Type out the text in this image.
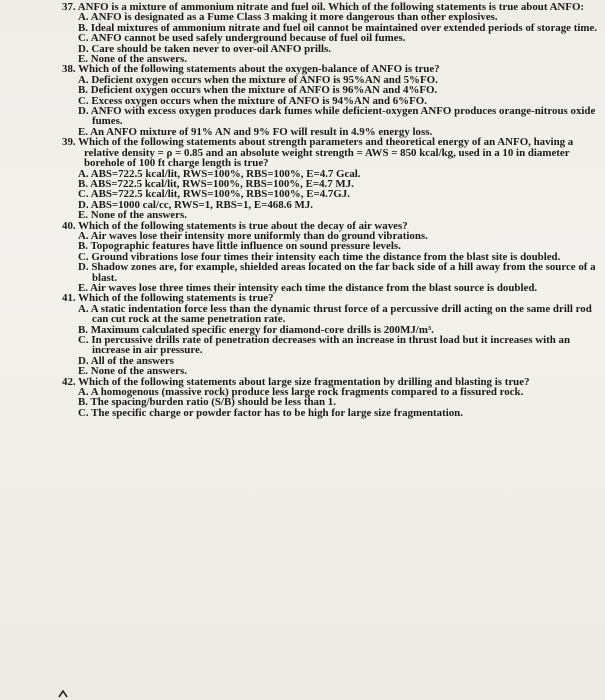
37. ANFO is a mixture of ammonium nitrate and fuel oil. Which of the following statements is true about ANFO:
A. ANFO is designated as a Fume Class 3 making it more dangerous than other explosives.
B. Ideal mixtures of ammonium nitrate and fuel oil cannot be maintained over extended periods of storage time.
C. ANFO cannot be used safely underground because of fuel oil fumes.
D. Care should be taken never to over-oil ANFO prills.
E. None of the answers.
38. Which of the following statements about the oxygen-balance of ANFO is true?
A. Deficient oxygen occurs when the mixture of ANFO is 95%AN and 5%FO.
B. Deficient oxygen occurs when the mixture of ANFO is 96%AN and 4%FO.
C. Excess oxygen occurs when the mixture of ANFO is 94%AN and 6%FO.
D. ANFO with excess oxygen produces dark fumes while deficient-oxygen ANFO produces orange-nitrous oxide fumes.
E. An ANFO mixture of 91% AN and 9% FO will result in 4.9% energy loss.
39. Which of the following statements about strength parameters and theoretical energy of an ANFO, having a relative density = ρ = 0.85 and an absolute weight strength = AWS = 850 kcal/kg, used in a 10 in diameter borehole of 100 ft charge length is true?
A. ABS=722.5 kcal/lit, RWS=100%, RBS=100%, E=4.7 Gcal.
B. ABS=722.5 kcal/lit, RWS=100%, RBS=100%, E=4.7 MJ.
C. ABS=722.5 kcal/lit, RWS=100%, RBS=100%, E=4.7GJ.
D. ABS=1000 cal/cc, RWS=1, RBS=1, E=468.6 MJ.
E. None of the answers.
40. Which of the following statements is true about the decay of air waves?
A. Air waves lose their intensity more uniformly than do ground vibrations.
B. Topographic features have little influence on sound pressure levels.
C. Ground vibrations lose four times their intensity each time the distance from the blast site is doubled.
D. Shadow zones are, for example, shielded areas located on the far back side of a hill away from the source of a blast.
E. Air waves lose three times their intensity each time the distance from the blast source is doubled.
41. Which of the following statements is true?
A. A static indentation force less than the dynamic thrust force of a percussive drill acting on the same drill rod can cut rock at the same penetration rate.
B. Maximum calculated specific energy for diamond-core drills is 200MJ/m³.
C. In percussive drills rate of penetration decreases with an increase in thrust load but it increases with an increase in air pressure.
D. All of the answers
E. None of the answers.
42. Which of the following statements about large size fragmentation by drilling and blasting is true?
A. A homogenous (massive rock) produce less large rock fragments compared to a fissured rock.
B. The spacing/burden ratio (S/B) should be less than 1.
C. The specific charge or powder factor has to be high for large size fragmentation.
